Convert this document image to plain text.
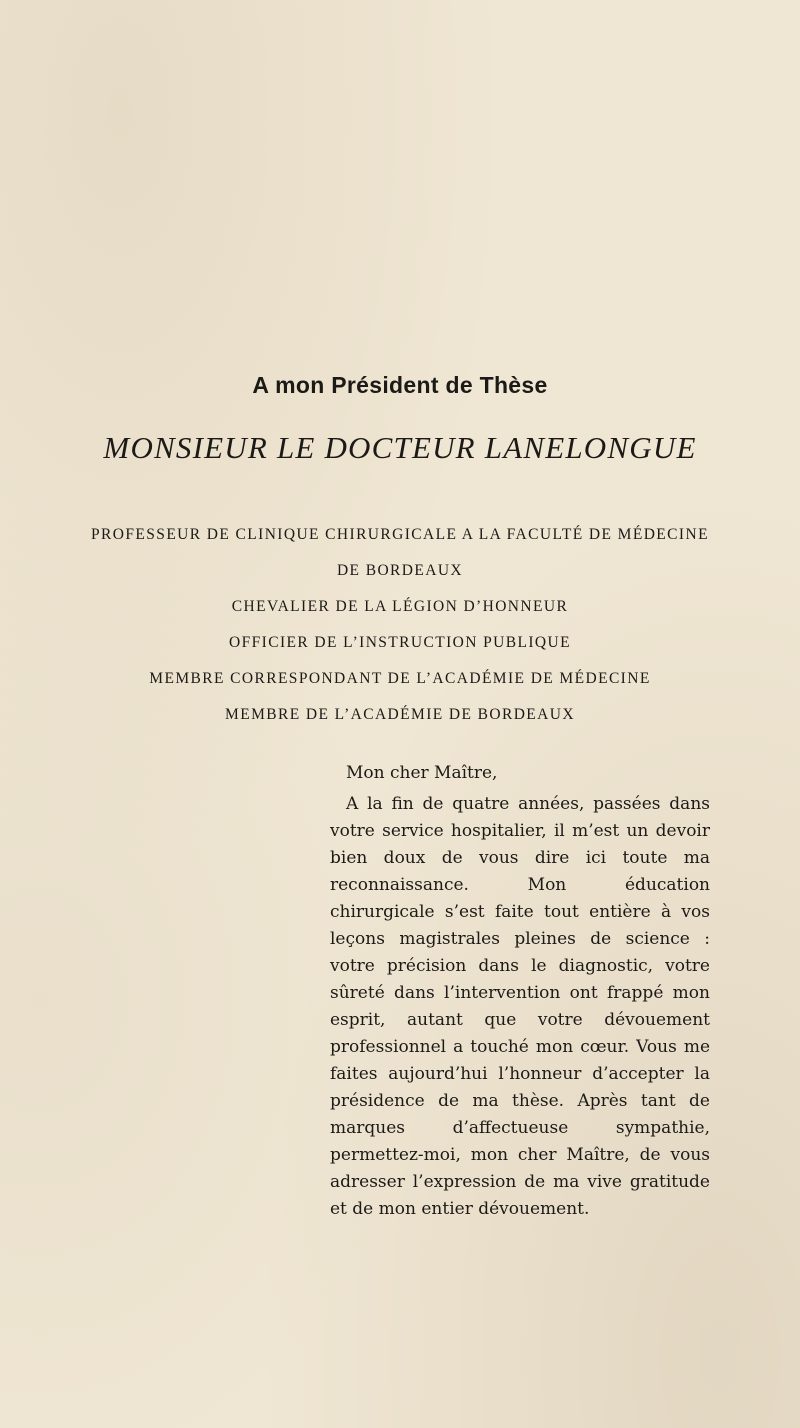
A mon Président de Thèse
MONSIEUR LE DOCTEUR LANELONGUE
PROFESSEUR DE CLINIQUE CHIRURGICALE A LA FACULTÉ DE MÉDECINE
DE BORDEAUX
CHEVALIER DE LA LÉGION D’HONNEUR
OFFICIER DE L’INSTRUCTION PUBLIQUE
MEMBRE CORRESPONDANT DE L’ACADÉMIE DE MÉDECINE
MEMBRE DE L’ACADÉMIE DE BORDEAUX

Mon cher Maître,

A la fin de quatre années, passées dans votre service hospitalier, il m’est un devoir bien doux de vous dire ici toute ma reconnaissance. Mon éducation chirurgicale s’est faite tout entière à vos leçons magistrales pleines de science : votre précision dans le diagnostic, votre sûreté dans l’intervention ont frappé mon esprit, autant que votre dévouement professionnel a touché mon cœur. Vous me faites aujourd’hui l’honneur d’accepter la présidence de ma thèse. Après tant de marques d’affectueuse sympathie, permettez-moi, mon cher Maître, de vous adresser l’expression de ma vive gratitude et de mon entier dévouement.
